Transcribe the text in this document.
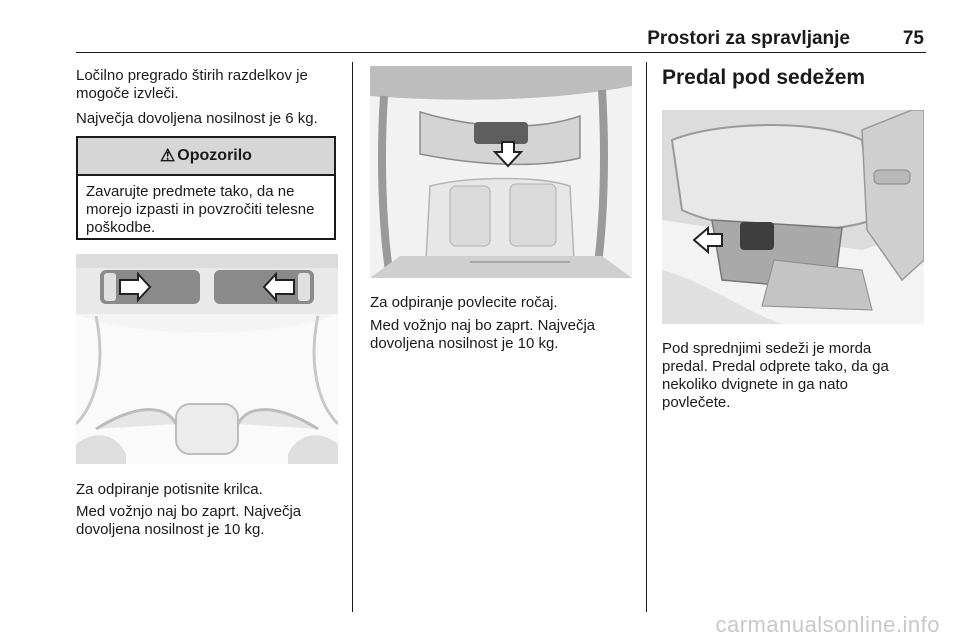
Prostori za spravljanje	75
Ločilno pregrado štirih razdelkov je
mogoče izvleči.
Največja dovoljena nosilnost je 6 kg.
⚠ Opozorilo
Zavarujte predmete tako, da ne
morejo izpasti in povzročiti telesne
poškodbe.
Za odpiranje potisnite krilca.
Med vožnjo naj bo zaprt. Največja
dovoljena nosilnost je 10 kg.
Za odpiranje povlecite ročaj.
Med vožnjo naj bo zaprt. Največja
dovoljena nosilnost je 10 kg.
Predal pod sedežem
Pod sprednjimi sedeži je morda
predal. Predal odprete tako, da ga
nekoliko dvignete in ga nato
povlečete.
carmanualsonline.info
